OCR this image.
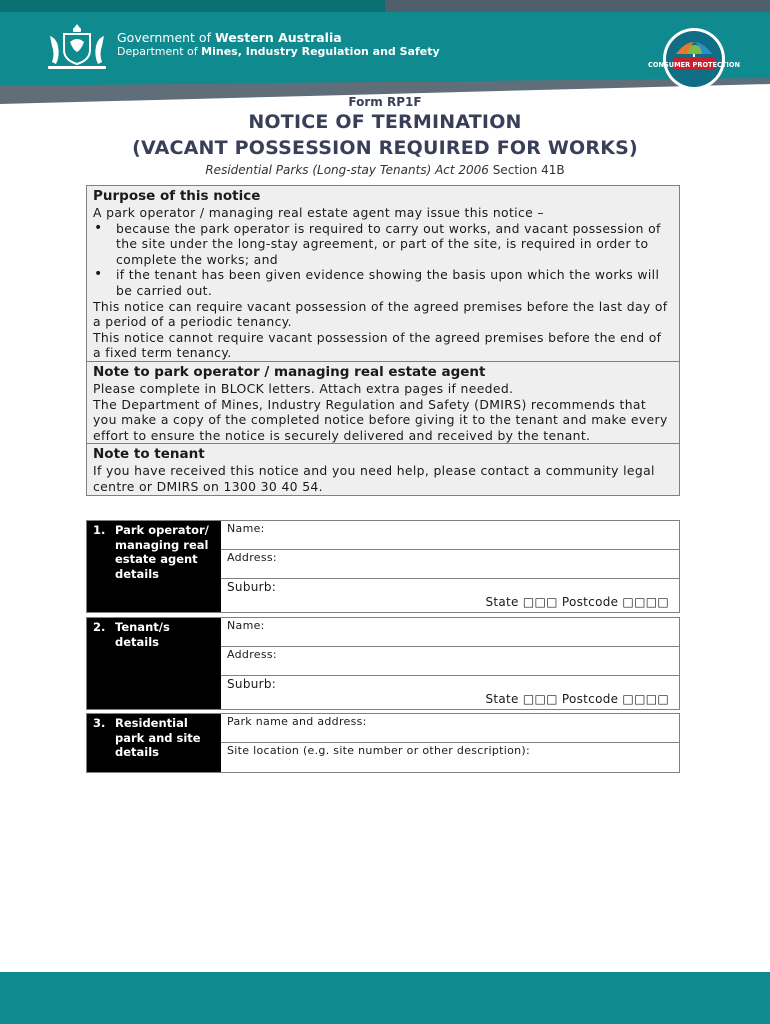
Government of Western Australia
Department of Mines, Industry Regulation and Safety
CONSUMER PROTECTION
Form RP1F
NOTICE OF TERMINATION
(VACANT POSSESSION REQUIRED FOR WORKS)
Residential Parks (Long-stay Tenants) Act 2006 Section 41B
Purpose of this notice

A park operator / managing real estate agent may issue this notice –

• because the park operator is required to carry out works, and vacant possession of the site under the long-stay agreement, or part of the site, is required in order to complete the works; and
• if the tenant has been given evidence showing the basis upon which the works will be carried out.

This notice can require vacant possession of the agreed premises before the last day of a period of a periodic tenancy.

This notice cannot require vacant possession of the agreed premises before the end of a fixed term tenancy.

Note to park operator / managing real estate agent

Please complete in BLOCK letters. Attach extra pages if needed.

The Department of Mines, Industry Regulation and Safety (DMIRS) recommends that you make a copy of the completed notice before giving it to the tenant and make every effort to ensure the notice is securely delivered and received by the tenant.

Note to tenant

If you have received this notice and you need help, please contact a community legal centre or DMIRS on 1300 30 40 54.

1. Park operator/ managing real estate agent details
Name:
Address:
Suburb:
State □□□ Postcode □□□□
2. Tenant/s details
Name:
Address:
Suburb:
State □□□ Postcode □□□□
3. Residential park and site details
Park name and address:
Site location (e.g. site number or other description):
